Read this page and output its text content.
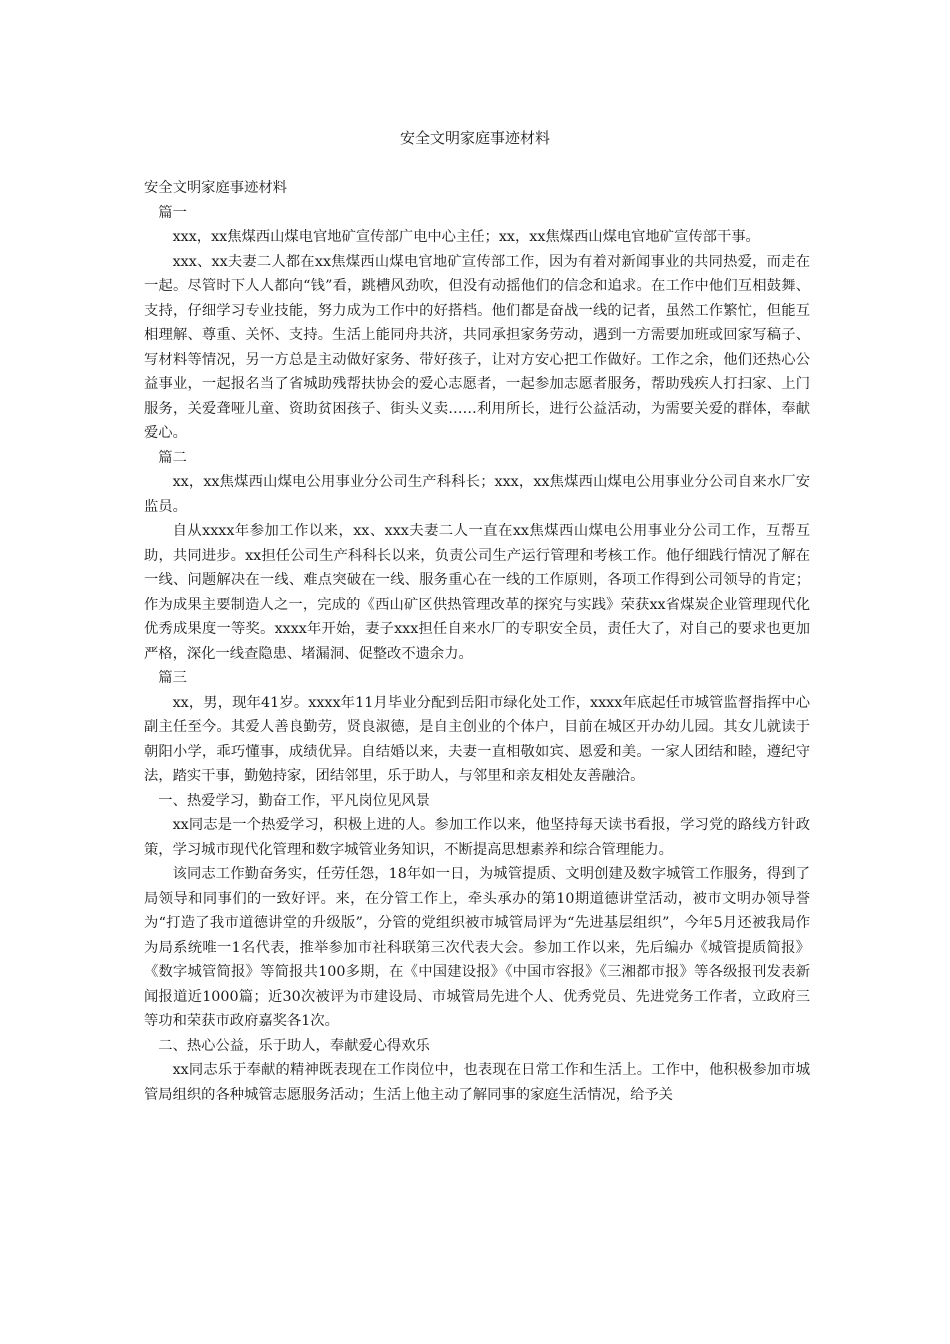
安全文明家庭事迹材料

安全文明家庭事迹材料

篇一

xxx，xx焦煤西山煤电官地矿宣传部广电中心主任；xx，xx焦煤西山煤电官地矿宣传部干事。

xxx、xx夫妻二人都在xx焦煤西山煤电官地矿宣传部工作，因为有着对新闻事业的共同热爱，而走在一起。尽管时下人人都向“钱”看，跳槽风劲吹，但没有动摇他们的信念和追求。在工作中他们互相鼓舞、支持，仔细学习专业技能，努力成为工作中的好搭档。他们都是奋战一线的记者，虽然工作繁忙，但能互相理解、尊重、关怀、支持。生活上能同舟共济，共同承担家务劳动，遇到一方需要加班或回家写稿子、写材料等情况，另一方总是主动做好家务、带好孩子，让对方安心把工作做好。工作之余，他们还热心公益事业，一起报名当了省城助残帮扶协会的爱心志愿者，一起参加志愿者服务，帮助残疾人打扫家、上门服务，关爱聋哑儿童、资助贫困孩子、街头义卖……利用所长，进行公益活动，为需要关爱的群体，奉献爱心。

篇二

xx，xx焦煤西山煤电公用事业分公司生产科科长；xxx，xx焦煤西山煤电公用事业分公司自来水厂安监员。

自从xxxx年参加工作以来，xx、xxx夫妻二人一直在xx焦煤西山煤电公用事业分公司工作，互帮互助，共同进步。xx担任公司生产科科长以来，负责公司生产运行管理和考核工作。他仔细践行情况了解在一线、问题解决在一线、难点突破在一线、服务重心在一线的工作原则，各项工作得到公司领导的肯定；作为成果主要制造人之一，完成的《西山矿区供热管理改革的探究与实践》荣获xx省煤炭企业管理现代化优秀成果度一等奖。xxxx年开始，妻子xxx担任自来水厂的专职安全员，责任大了，对自己的要求也更加严格，深化一线查隐患、堵漏洞、促整改不遗余力。

篇三

xx，男，现年41岁。xxxx年11月毕业分配到岳阳市绿化处工作，xxxx年底起任市城管监督指挥中心副主任至今。其爱人善良勤劳，贤良淑德，是自主创业的个体户，目前在城区开办幼儿园。其女儿就读于朝阳小学，乖巧懂事，成绩优异。自结婚以来，夫妻一直相敬如宾、恩爱和美。一家人团结和睦，遵纪守法，踏实干事，勤勉持家，团结邻里，乐于助人，与邻里和亲友相处友善融洽。

一、热爱学习，勤奋工作，平凡岗位见风景

xx同志是一个热爱学习，积极上进的人。参加工作以来，他坚持每天读书看报，学习党的路线方针政策，学习城市现代化管理和数字城管业务知识，不断提高思想素养和综合管理能力。

该同志工作勤奋务实，任劳任怨，18年如一日，为城管提质、文明创建及数字城管工作服务，得到了局领导和同事们的一致好评。来，在分管工作上，牵头承办的第10期道德讲堂活动，被市文明办领导誉为“打造了我市道德讲堂的升级版”，分管的党组织被市城管局评为“先进基层组织”，今年5月还被我局作为局系统唯一1名代表，推举参加市社科联第三次代表大会。参加工作以来，先后编办《城管提质简报》《数字城管简报》等简报共100多期，在《中国建设报》《中国市容报》《三湘都市报》等各级报刊发表新闻报道近1000篇；近30次被评为市建设局、市城管局先进个人、优秀党员、先进党务工作者，立政府三等功和荣获市政府嘉奖各1次。

二、热心公益，乐于助人，奉献爱心得欢乐

xx同志乐于奉献的精神既表现在工作岗位中，也表现在日常工作和生活上。工作中，他积极参加市城管局组织的各种城管志愿服务活动；生活上他主动了解同事的家庭生活情况，给予关
